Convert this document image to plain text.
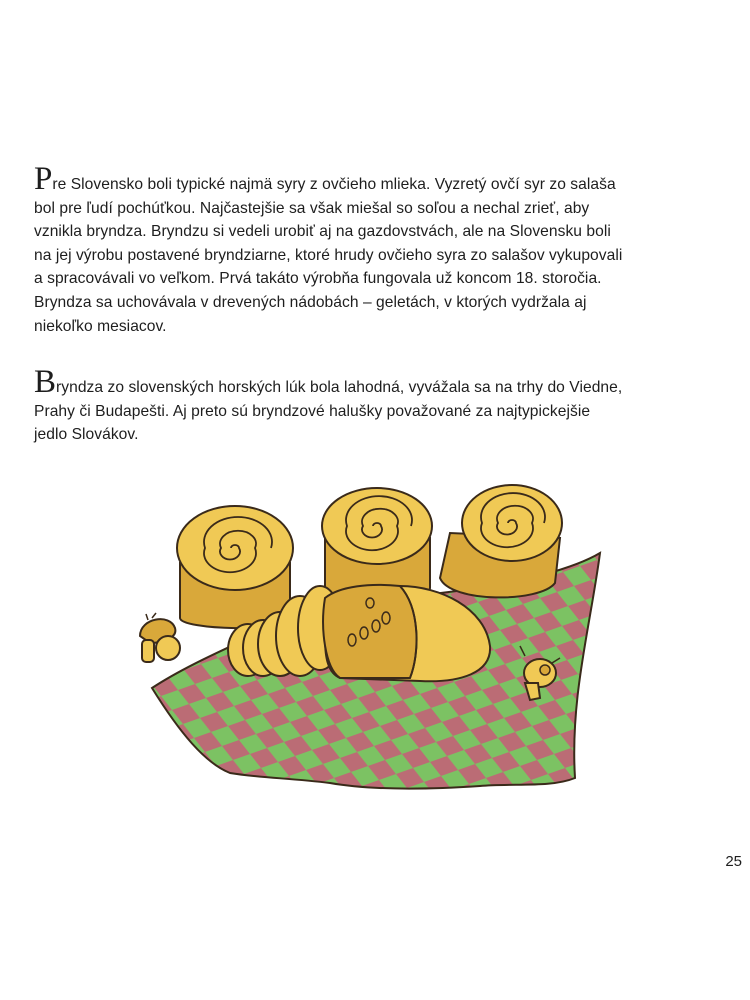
Pre Slovensko boli typické najmä syry z ovčieho mlieka. Vyzretý ovčí syr zo salaša
bol pre ľudí pochúťkou. Najčastejšie sa však miešal so soľou a nechal zrieť, aby
vznikla bryndza. Bryndzu si vedeli urobiť aj na gazdovstvách, ale na Slovensku boli
na jej výrobu postavené bryndziarne, ktoré hrudy ovčieho syra zo salašov vykupovali
a spracovávali vo veľkom. Prvá takáto výrobňa fungovala už koncom 18. storočia.
Bryndza sa uchovávala v drevených nádobách – geletách, v ktorých vydržala aj
niekoľko mesiacov.

Bryndza zo slovenských horských lúk bola lahodná, vyvážala sa na trhy do Viedne,
Prahy či Budapešti. Aj preto sú bryndzové halušky považované za najtypickejšie
jedlo Slovákov.

25
